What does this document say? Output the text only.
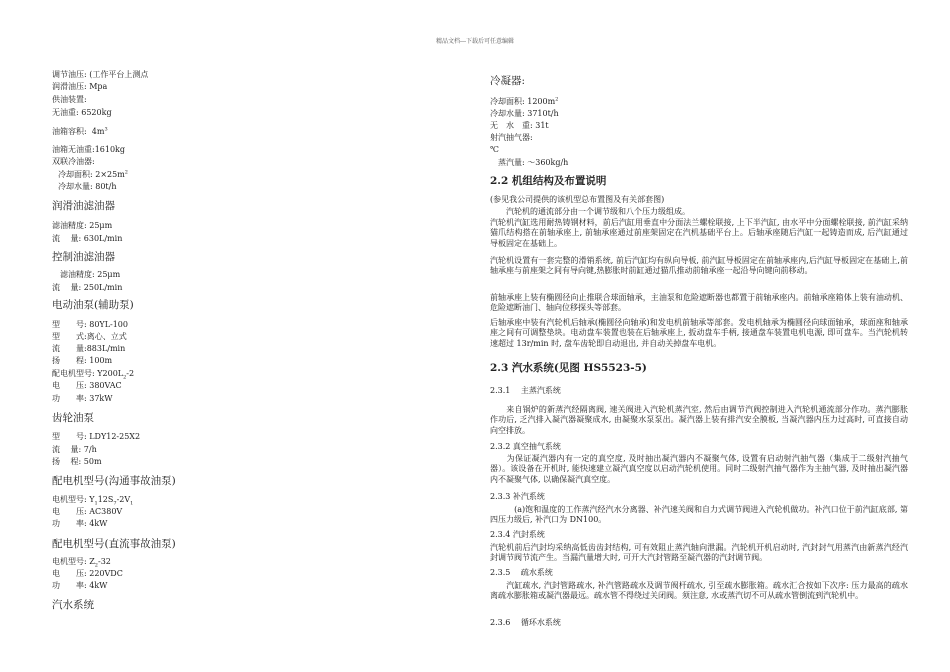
精品文档---下载后可任意编辑
调节油压: (工作平台上测点
润滑油压: Mpa
供油装置:
无油重: 6520kg
油箱容积: $4m^3$
油箱无油重:1610kg
双联冷油器:
冷却面积: $2\times 25m^2$
冷却水量: 80t/h
润滑油滤油器
滤油精度: 25μm
流　 量: 630L/min
控制油滤油器
滤油精度: 25μm
流　 量: 250L/min
电动油泵(辅助泵)
型　　号: 80YL-100
型　　式:离心、立式
流　　量:883L/min
扬　　程: 100m
配电机型号: $Y200L_2-2$
电　　压: 380VAC
功　　率: 37kW
齿轮油泵
型　　号: LDY12-25X2
流　 量: 7/h
扬　 程: 50m
配电机型号(沟通事故油泵)
电机型号: $Y_112S_7-2V_1$
电　　压: AC380V
功　　率: 4kW
配电机型号(直流事故油泵)
电机型号: $Z_2-32$
电　　压: 220VDC
功　　率: 4kW
汽水系统
冷凝器:
冷却面积: $1200m^2$
冷却水量: 3710t/h
无　水　重: 31t
射汽抽气器:
℃
　蒸汽量: ～360kg/h
2.2 机组结构及布置说明
(参见我公司提供的该机型总布置图及有关部套图)
　　汽轮机的通流部分由一个调节级和八个压力级组成。
汽轮机汽缸选用耐热铸钢材料，前后汽缸用垂直中分面法兰螺栓联接, 上下半汽缸, 由水平中分面螺栓联接, 前汽缸采纳猫爪结构搭在前轴承座上, 前轴承座通过前座架固定在汽机基础平台上。后轴承座随后汽缸一起铸造而成, 后汽缸通过导板固定在基础上。
汽轮机设置有一套完整的滑销系统, 前后汽缸均有纵向导板, 前汽缸导板固定在前轴承座内,后汽缸导板固定在基础上,前轴承座与前座架之间有导向键,热膨胀时前缸通过猫爪推动前轴承座一起沿导向键向前移动。
前轴承座上装有椭圆径向止推联合球面轴承，主油泵和危险遮断器也都置于前轴承座内。前轴承座箱体上装有油动机、危险遮断油门、轴向位移探头等部套。
后轴承座中装有汽轮机后轴承(椭圆径向轴承)和发电机前轴承等部套。发电机轴承为椭圆径向球面轴承，球面座和轴承座之间有可调整垫块。电动盘车装置也装在后轴承座上, 扳动盘车手柄, 接通盘车装置电机电源, 即可盘车。当汽轮机转速超过 13r/min 时, 盘车齿轮即自动退出, 并自动关掉盘车电机。
2.3 汽水系统(见图 HS5523-5)
2.3.1　 主蒸汽系统
　　来自锅炉的新蒸汽经隔离阀, 速关阀进入汽轮机蒸汽室, 然后由调节汽阀控制进入汽轮机通流部分作功。蒸汽膨胀作功后, 乏汽排入凝汽器凝聚成水, 由凝聚水泵泵出。凝汽器上装有排汽安全膜板, 当凝汽器内压力过高时, 可直接自动向空排放。
2.3.2 真空抽气系统
　　为保证凝汽器内有一定的真空度, 及时抽出凝汽器内不凝聚气体, 设置有启动射汽抽气器（集成于二级射汽抽气器）。该设备在开机时, 能快速建立凝汽真空度以启动汽轮机使用。同时二级射汽抽气器作为主抽气器, 及时抽出凝汽器内不凝聚气体, 以确保凝汽真空度。
2.3.3 补汽系统
　　　(a)饱和温度的工作蒸汽经汽水分离器、补汽速关阀和自力式调节阀进入汽轮机做功。补汽口位于前汽缸底部, 第四压力级后, 补汽口为 DN100。
2.3.4 汽封系统
汽轮机前后汽封均采纳高低齿齿封结构, 可有效阻止蒸汽轴向泄漏。汽轮机开机启动时, 汽封封气用蒸汽由新蒸汽经汽封调节阀节流产生。当漏汽量增大时, 可开大汽封管路至凝汽器的汽封调节阀。
2.3.5　 疏水系统
　　汽缸疏水, 汽封管路疏水, 补汽管路疏水及调节阀杆疏水, 引至疏水膨胀箱。疏水汇合按如下次序: 压力最高的疏水离疏水膨胀箱或凝汽器最远。疏水管不得绕过关闭阀。须注意, 水或蒸汽切不可从疏水管倒流到汽轮机中。
2.3.6　 循环水系统
